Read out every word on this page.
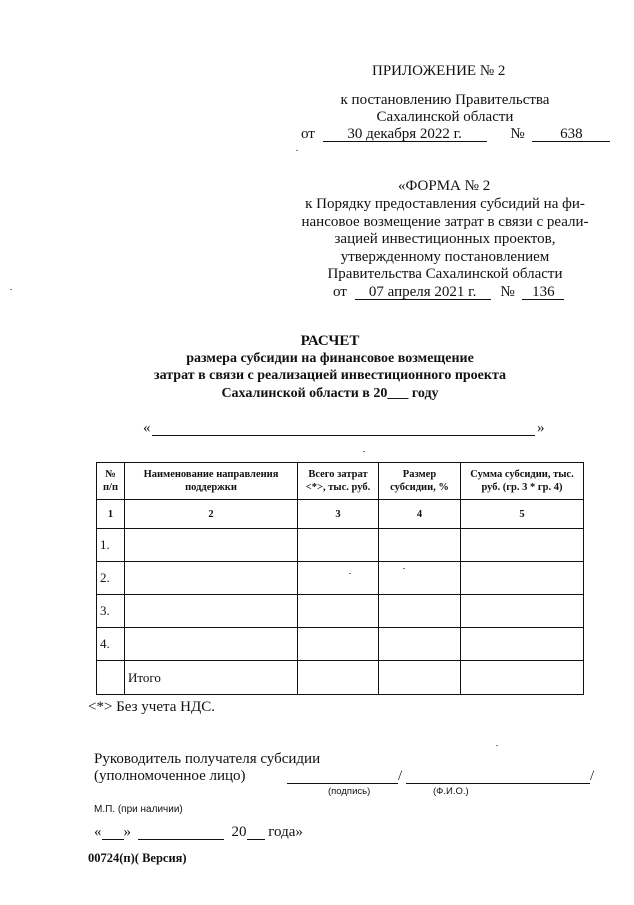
ПРИЛОЖЕНИЕ № 2
к постановлению Правительства
Сахалинской области
от 30 декабря 2022 г.	№ 638
«ФОРМА № 2
к Порядку предоставления субсидий на фи-
нансовое возмещение затрат в связи с реали-
зацией инвестиционных проектов,
утвержденному постановлением
Правительства Сахалинской области
от 07 апреля 2021 г. № 136
РАСЧЕТ
размера субсидии на финансовое возмещение
затрат в связи с реализацией инвестиционного проекта
Сахалинской области в 20___ году
«	»
№ п/п	Наименование направления поддержки	Всего затрат <*>, тыс. руб.	Размер субсидии, %	Сумма субсидии, тыс. руб. (гр. 3 * гр. 4)
1	2	3	4	5
1.				
2.				
3.				
4.				
	Итого			
<*> Без учета НДС.
Руководитель получателя субсидии
(уполномоченное лицо)	/	/
(подпись)	(Ф.И.О.)
М.П. (при наличии)
« »	20 года»
00724(п)( Версия)
